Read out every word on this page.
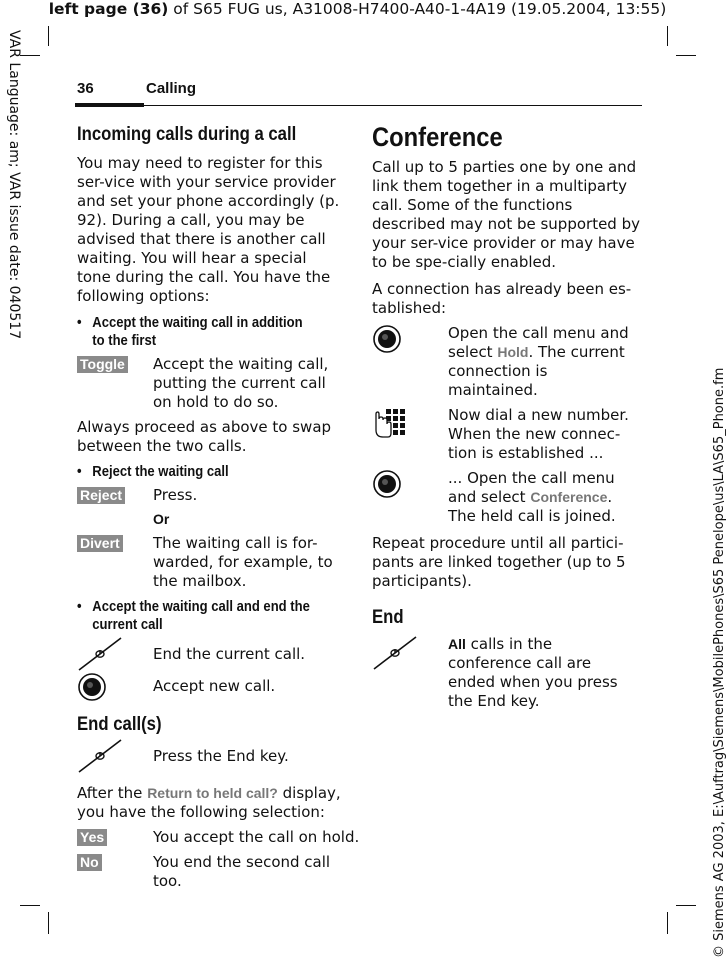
left page (36) of S65 FUG us, A31008-H7400-A40-1-4A19 (19.05.2004, 13:55)
VAR Language: am; VAR issue date: 040517
© Siemens AG 2003, E:\Auftrag\Siemens\MobilePhones\S65 Penelope\us\LA\S65_Phone.fm
36	Calling
Incoming calls during a call

You may need to register for this ser-vice with your service provider and set your phone accordingly (p. 92). During a call, you may be advised that there is another call waiting. You will hear a special tone during the call. You have the following options:

• Accept the waiting call in addition
to the first
Toggle	Accept the waiting call, putting the current call on hold to do so.

Always proceed as above to swap between the two calls.

• Reject the waiting call
Reject	Press.
Or
Divert	The waiting call is for-warded, for example, to the mailbox.
• Accept the waiting call and end the
current call
End the current call.
Accept new call.
End call(s)
Press the End key.

After the Return to held call? display, you have the following selection:

Yes	You accept the call on hold.
No	You end the second call too.
Conference

Call up to 5 parties one by one and link them together in a multiparty call. Some of the functions described may not be supported by your ser-vice provider or may have to be spe-cially enabled.

A connection has already been es-tablished:

Open the call menu and select Hold. The current connection is maintained.
Now dial a new number. When the new connec-tion is established ...
... Open the call menu and select Conference. The held call is joined.

Repeat procedure until all partici-pants are linked together (up to 5 participants).

End
All calls in the conference call are ended when you press the End key.
